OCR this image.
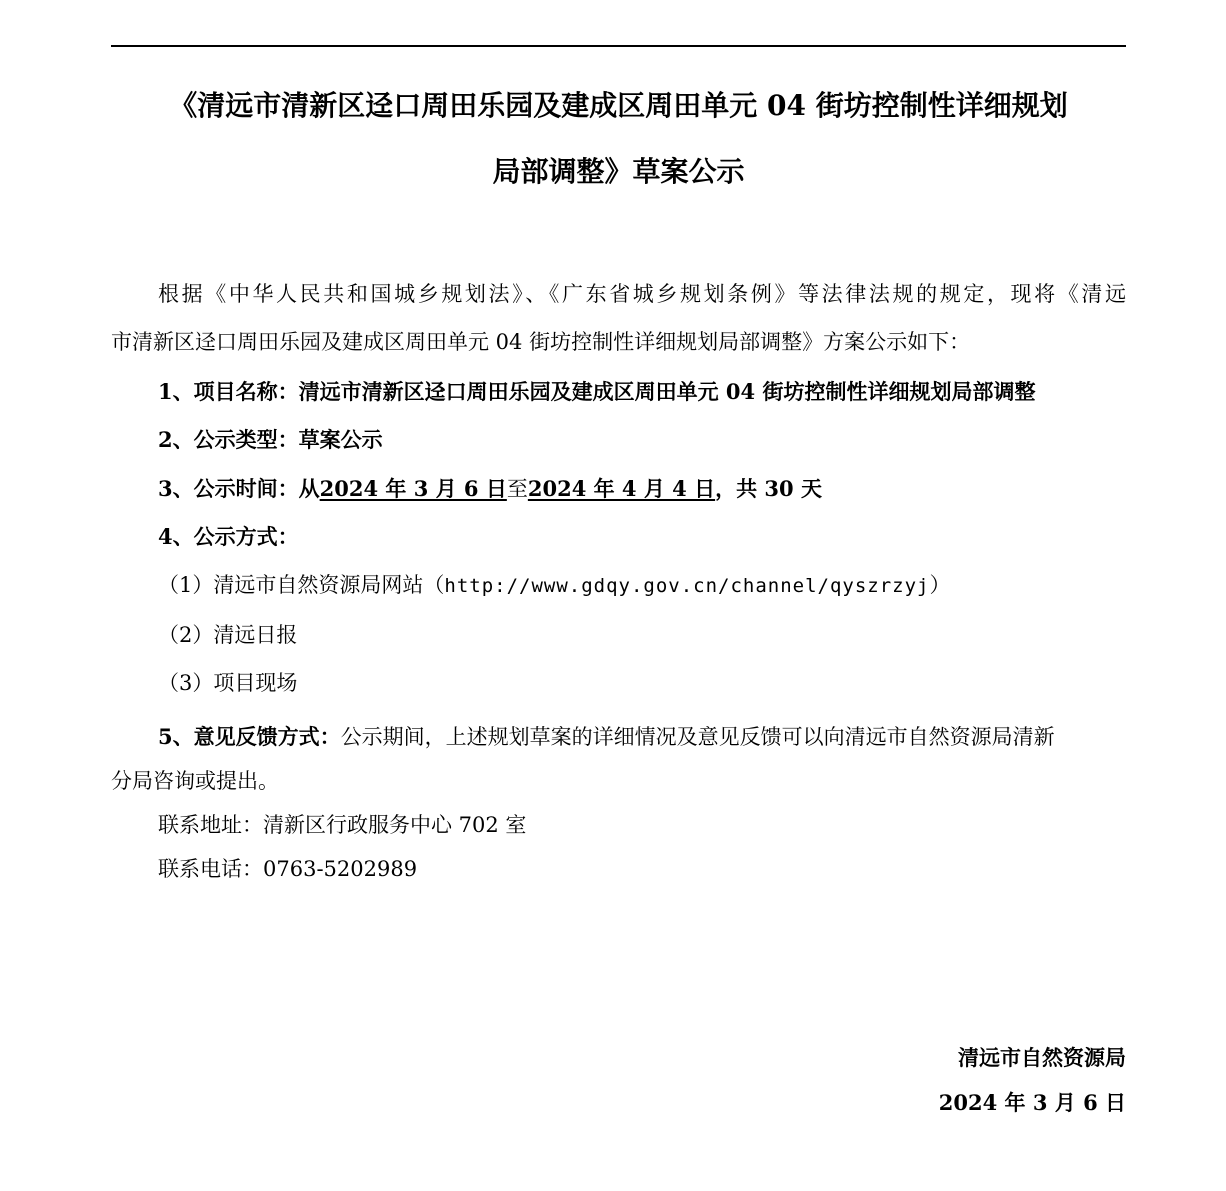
《清远市清新区迳口周田乐园及建成区周田单元 04 街坊控制性详细规划
局部调整》草案公示
根据《中华人民共和国城乡规划法》、《广东省城乡规划条例》等法律法规的规定，现将《清远
市清新区迳口周田乐园及建成区周田单元 04 街坊控制性详细规划局部调整》方案公示如下：
1、项目名称：清远市清新区迳口周田乐园及建成区周田单元 04 街坊控制性详细规划局部调整
2、公示类型：草案公示
3、公示时间：从2024 年 3 月 6 日至2024 年 4 月 4 日，共 30 天
4、公示方式：
（1）清远市自然资源局网站（http://www.gdqy.gov.cn/channel/qyszrzyj）
（2）清远日报
（3）项目现场
5、意见反馈方式：公示期间，上述规划草案的详细情况及意见反馈可以向清远市自然资源局清新
分局咨询或提出。
联系地址：清新区行政服务中心 702 室
联系电话：0763-5202989
清远市自然资源局
2024 年 3 月 6 日
